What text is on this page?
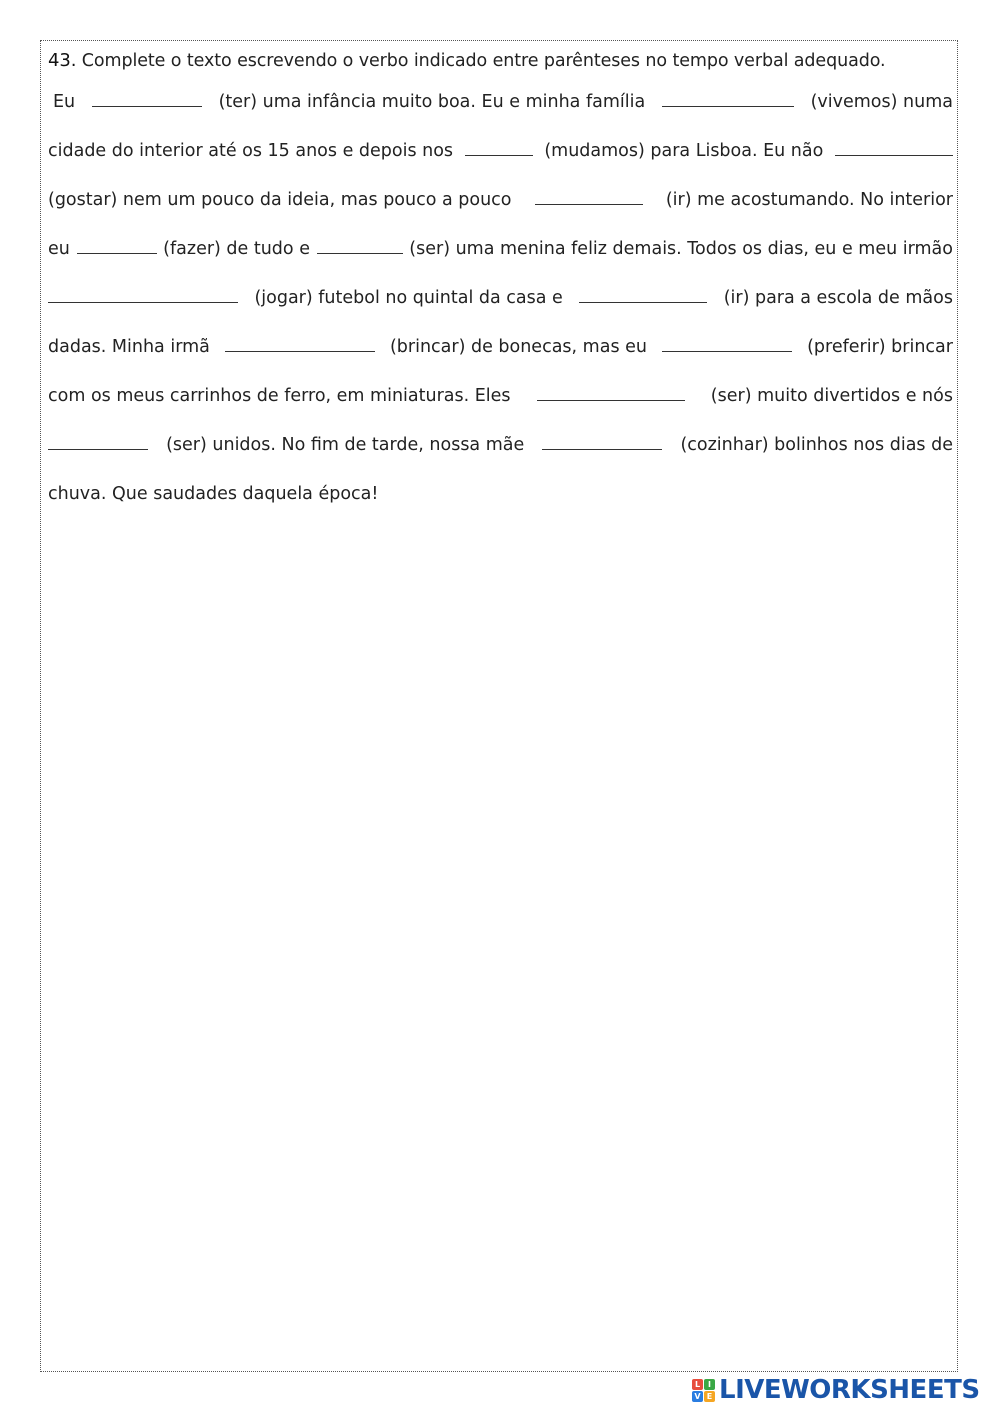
43. Complete o texto escrevendo o verbo indicado entre parênteses no tempo verbal adequado.
Eu	(ter) uma infância muito boa. Eu e minha família	(vivemos) numa
cidade do interior até os 15 anos e depois nos	(mudamos) para Lisboa. Eu não
(gostar) nem um pouco da ideia, mas pouco a pouco	(ir) me acostumando. No interior
eu	(fazer) de tudo e	(ser) uma menina feliz demais. Todos os dias, eu e meu irmão
(jogar) futebol no quintal da casa e	(ir) para a escola de mãos
dadas. Minha irmã	(brincar) de bonecas, mas eu	(preferir) brincar
com os meus carrinhos de ferro, em miniaturas. Eles	(ser) muito divertidos e nós
(ser) unidos. No fim de tarde, nossa mãe	(cozinhar) bolinhos nos dias de
chuva. Que saudades daquela época!
L I
V E LIVEWORKSHEETS
